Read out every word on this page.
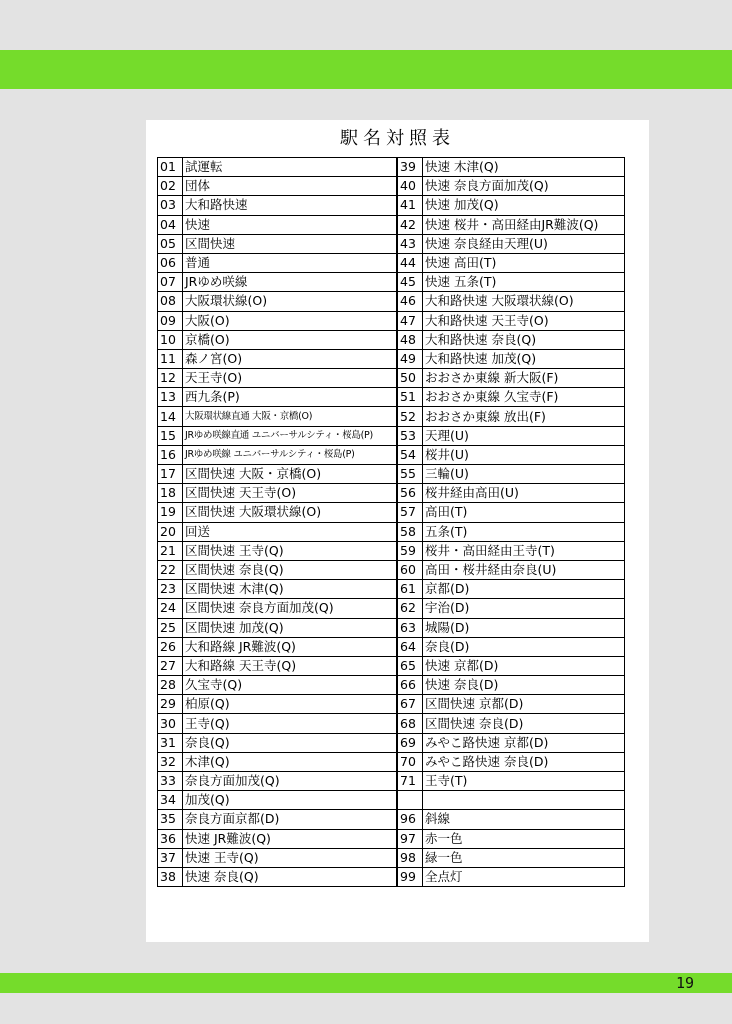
駅名対照表
01	試運転
02	団体
03	大和路快速
04	快速
05	区間快速
06	普通
07	JRゆめ咲線
08	大阪環状線(O)
09	大阪(O)
10	京橋(O)
11	森ノ宮(O)
12	天王寺(O)
13	西九条(P)
14	大阪環状線直通 大阪・京橋(O)
15	JRゆめ咲線直通 ユニバーサルシティ・桜島(P)
16	JRゆめ咲線 ユニバーサルシティ・桜島(P)
17	区間快速 大阪・京橋(O)
18	区間快速 天王寺(O)
19	区間快速 大阪環状線(O)
20	回送
21	区間快速 王寺(Q)
22	区間快速 奈良(Q)
23	区間快速 木津(Q)
24	区間快速 奈良方面加茂(Q)
25	区間快速 加茂(Q)
26	大和路線 JR難波(Q)
27	大和路線 天王寺(Q)
28	久宝寺(Q)
29	柏原(Q)
30	王寺(Q)
31	奈良(Q)
32	木津(Q)
33	奈良方面加茂(Q)
34	加茂(Q)
35	奈良方面京都(D)
36	快速 JR難波(Q)
37	快速 王寺(Q)
38	快速 奈良(Q)
39	快速 木津(Q)
40	快速 奈良方面加茂(Q)
41	快速 加茂(Q)
42	快速 桜井・高田経由JR難波(Q)
43	快速 奈良経由天理(U)
44	快速 高田(T)
45	快速 五条(T)
46	大和路快速 大阪環状線(O)
47	大和路快速 天王寺(O)
48	大和路快速 奈良(Q)
49	大和路快速 加茂(Q)
50	おおさか東線 新大阪(F)
51	おおさか東線 久宝寺(F)
52	おおさか東線 放出(F)
53	天理(U)
54	桜井(U)
55	三輪(U)
56	桜井経由高田(U)
57	高田(T)
58	五条(T)
59	桜井・高田経由王寺(T)
60	高田・桜井経由奈良(U)
61	京都(D)
62	宇治(D)
63	城陽(D)
64	奈良(D)
65	快速 京都(D)
66	快速 奈良(D)
67	区間快速 京都(D)
68	区間快速 奈良(D)
69	みやこ路快速 京都(D)
70	みやこ路快速 奈良(D)
71	王寺(T)

96	斜線
97	赤一色
98	緑一色
99	全点灯
19
